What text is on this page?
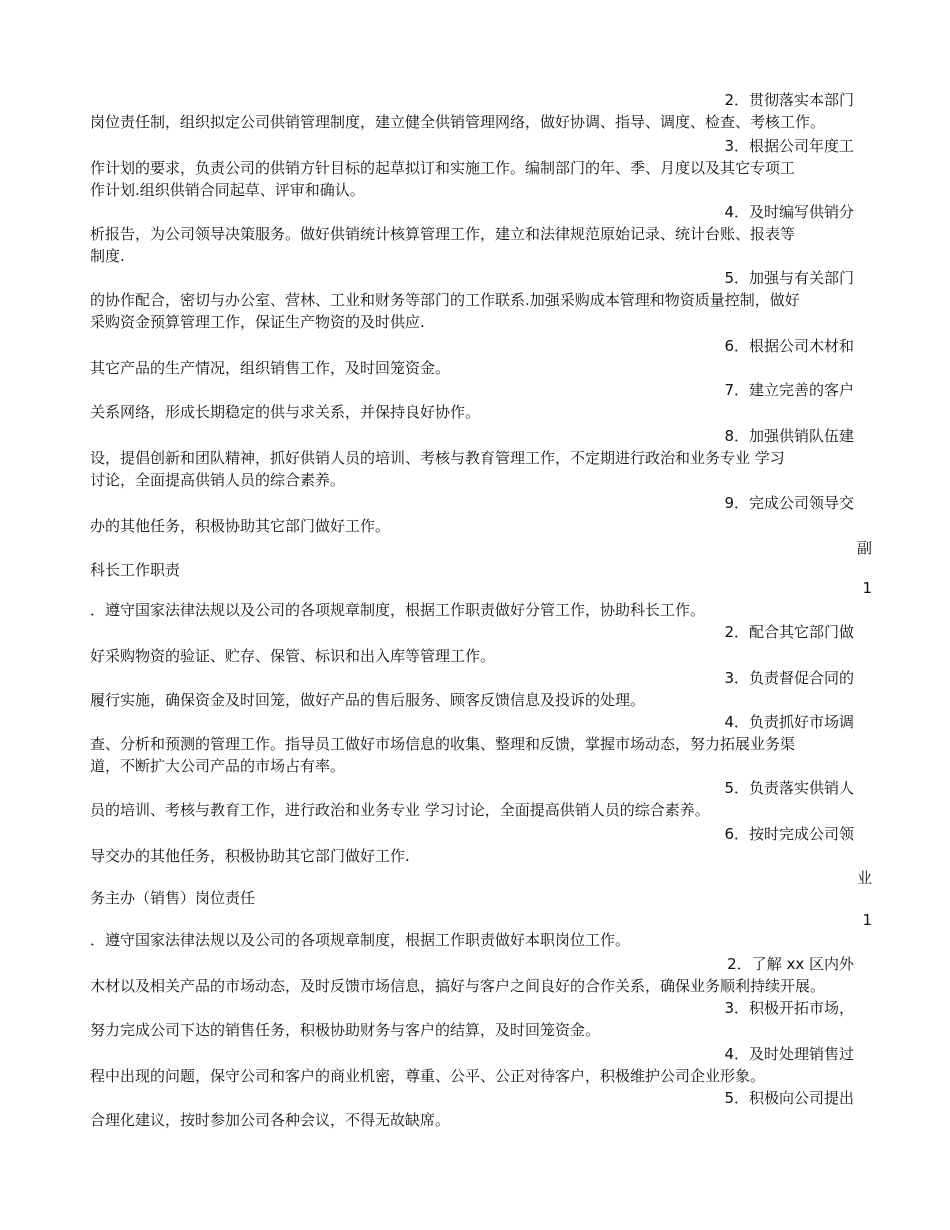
2．贯彻落实本部门
岗位责任制，组织拟定公司供销管理制度，建立健全供销管理网络，做好协调、指导、调度、检查、考核工作。
3．根据公司年度工
作计划的要求，负责公司的供销方针目标的起草拟订和实施工作。编制部门的年、季、月度以及其它专项工
作计划.组织供销合同起草、评审和确认。
4．及时编写供销分
析报告，为公司领导决策服务。做好供销统计核算管理工作，建立和法律规范原始记录、统计台账、报表等
制度.
5．加强与有关部门
的协作配合，密切与办公室、营林、工业和财务等部门的工作联系.加强采购成本管理和物资质量控制，做好
采购资金预算管理工作，保证生产物资的及时供应.
6．根据公司木材和
其它产品的生产情况，组织销售工作，及时回笼资金。
7．建立完善的客户
关系网络，形成长期稳定的供与求关系，并保持良好协作。
8．加强供销队伍建
设，提倡创新和团队精神，抓好供销人员的培训、考核与教育管理工作，不定期进行政治和业务专业 学习
讨论，全面提高供销人员的综合素养。
9．完成公司领导交
办的其他任务，积极协助其它部门做好工作。
副
科长工作职责
1
．遵守国家法律法规以及公司的各项规章制度，根据工作职责做好分管工作，协助科长工作。
2．配合其它部门做
好采购物资的验证、贮存、保管、标识和出入库等管理工作。
3．负责督促合同的
履行实施，确保资金及时回笼，做好产品的售后服务、顾客反馈信息及投诉的处理。
4．负责抓好市场调
查、分析和预测的管理工作。指导员工做好市场信息的收集、整理和反馈，掌握市场动态，努力拓展业务渠
道，不断扩大公司产品的市场占有率。
5．负责落实供销人
员的培训、考核与教育工作，进行政治和业务专业 学习讨论，全面提高供销人员的综合素养。
6．按时完成公司领
导交办的其他任务，积极协助其它部门做好工作.
业
务主办（销售）岗位责任
1
．遵守国家法律法规以及公司的各项规章制度，根据工作职责做好本职岗位工作。
2．了解 xx 区内外
木材以及相关产品的市场动态，及时反馈市场信息，搞好与客户之间良好的合作关系，确保业务顺利持续开展。
3．积极开拓市场，
努力完成公司下达的销售任务，积极协助财务与客户的结算，及时回笼资金。
4．及时处理销售过
程中出现的问题，保守公司和客户的商业机密，尊重、公平、公正对待客户，积极维护公司企业形象。
5．积极向公司提出
合理化建议，按时参加公司各种会议，不得无故缺席。
